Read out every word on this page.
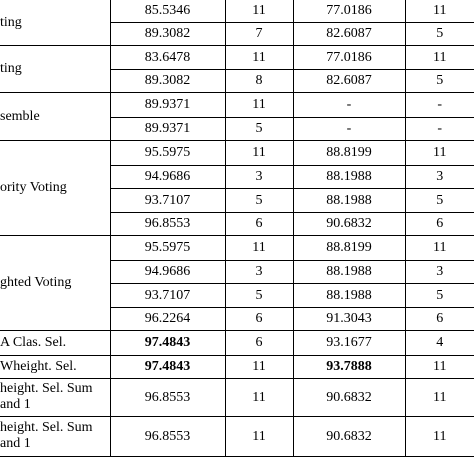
ting	85.5346	11	77.0186	11
	89.3082	7	82.6087	5

ting	83.6478	11	77.0186	11
	89.3082	8	82.6087	5

semble	89.9371	11	-	-
	89.9371	5	-	-

ority Voting	95.5975	11	88.8199	11
	94.9686	3	88.1988	3
	93.7107	5	88.1988	5
	96.8553	6	90.6832	6

ghted Voting	95.5975	11	88.8199	11
	94.9686	3	88.1988	3
	93.7107	5	88.1988	5
	96.2264	6	91.3043	6

A Clas. Sel.	97.4843	6	93.1677	4

Wheight. Sel.	97.4843	11	93.7888	11

height. Sel. Sum
and 1	96.8553	11	90.6832	11

height. Sel. Sum
and 1	96.8553	11	90.6832	11
